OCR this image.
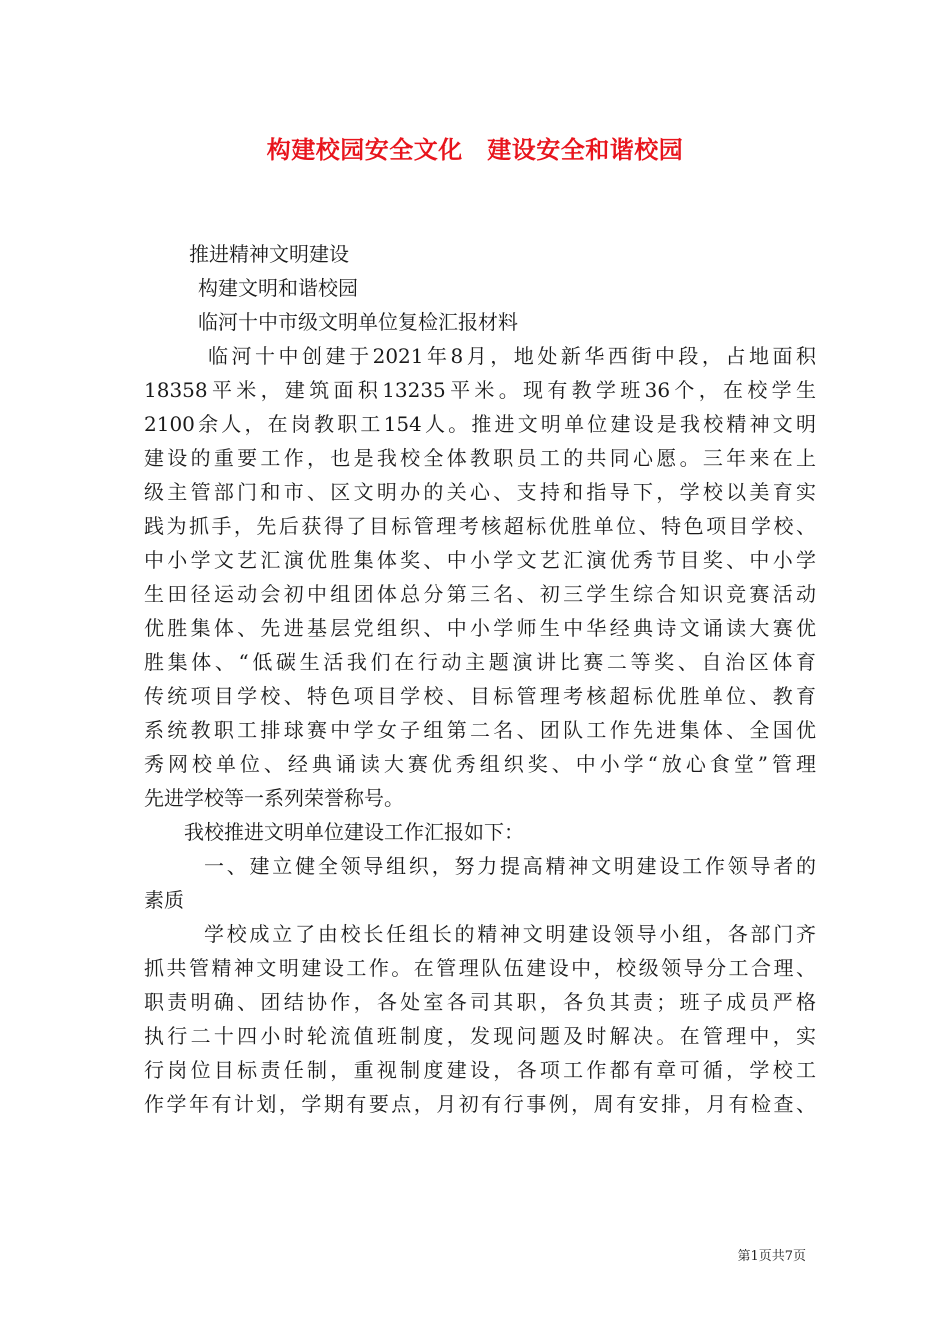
构建校园安全文化　建设安全和谐校园
推进精神文明建设
构建文明和谐校园
临河十中市级文明单位复检汇报材料
临河十中创建于2021年8月，地处新华西街中段，占地面积
18358平米，建筑面积13235平米。现有教学班36个，在校学生
2100余人，在岗教职工154人。推进文明单位建设是我校精神文明
建设的重要工作，也是我校全体教职员工的共同心愿。三年来在上
级主管部门和市、区文明办的关心、支持和指导下，学校以美育实
践为抓手，先后获得了目标管理考核超标优胜单位、特色项目学校、
中小学文艺汇演优胜集体奖、中小学文艺汇演优秀节目奖、中小学
生田径运动会初中组团体总分第三名、初三学生综合知识竞赛活动
优胜集体、先进基层党组织、中小学师生中华经典诗文诵读大赛优
胜集体、“低碳生活我们在行动主题演讲比赛二等奖、自治区体育
传统项目学校、特色项目学校、目标管理考核超标优胜单位、教育
系统教职工排球赛中学女子组第二名、团队工作先进集体、全国优
秀网校单位、经典诵读大赛优秀组织奖、中小学“放心食堂”管理
先进学校等一系列荣誉称号。
我校推进文明单位建设工作汇报如下：
一、建立健全领导组织，努力提高精神文明建设工作领导者的
素质
学校成立了由校长任组长的精神文明建设领导小组，各部门齐
抓共管精神文明建设工作。在管理队伍建设中，校级领导分工合理、
职责明确、团结协作，各处室各司其职，各负其责；班子成员严格
执行二十四小时轮流值班制度，发现问题及时解决。在管理中，实
行岗位目标责任制，重视制度建设，各项工作都有章可循，学校工
作学年有计划，学期有要点，月初有行事例，周有安排，月有检查、
第1页共7页
